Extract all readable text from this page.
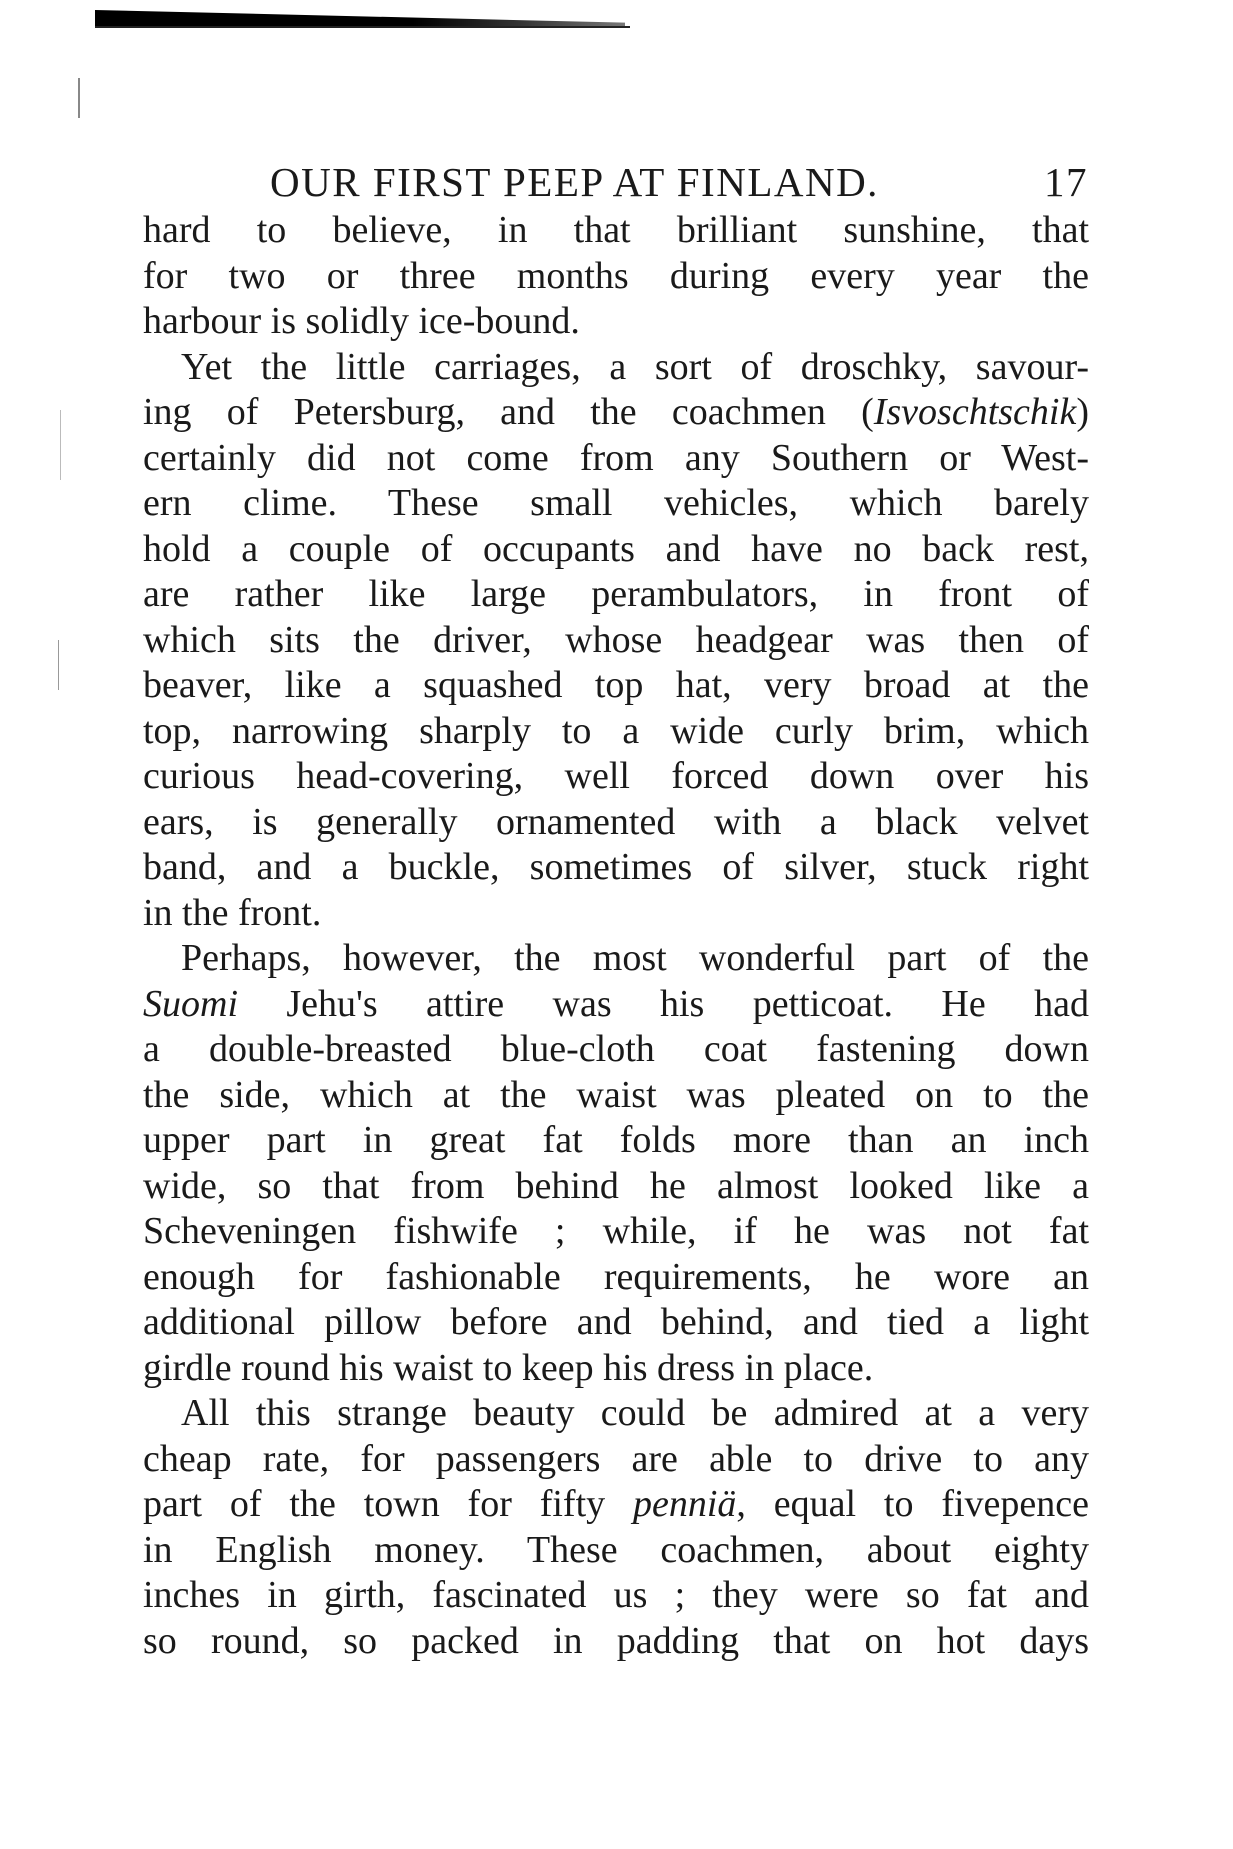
OUR FIRST PEEP AT FINLAND.	17
hard to believe, in that brilliant sunshine, that
for two or three months during every year the
harbour is solidly ice-bound.
Yet the little carriages, a sort of droschky, savour-
ing of Petersburg, and the coachmen (Isvoschtschik)
certainly did not come from any Southern or West-
ern clime. These small vehicles, which barely
hold a couple of occupants and have no back rest,
are rather like large perambulators, in front of
which sits the driver, whose headgear was then of
beaver, like a squashed top hat, very broad at the
top, narrowing sharply to a wide curly brim, which
curious head-covering, well forced down over his
ears, is generally ornamented with a black velvet
band, and a buckle, sometimes of silver, stuck right
in the front.
Perhaps, however, the most wonderful part of the
Suomi Jehu's attire was his petticoat. He had
a double-breasted blue-cloth coat fastening down
the side, which at the waist was pleated on to the
upper part in great fat folds more than an inch
wide, so that from behind he almost looked like a
Scheveningen fishwife ; while, if he was not fat
enough for fashionable requirements, he wore an
additional pillow before and behind, and tied a light
girdle round his waist to keep his dress in place.
All this strange beauty could be admired at a very
cheap rate, for passengers are able to drive to any
part of the town for fifty penniä, equal to fivepence
in English money. These coachmen, about eighty
inches in girth, fascinated us ; they were so fat and
so round, so packed in padding that on hot days
